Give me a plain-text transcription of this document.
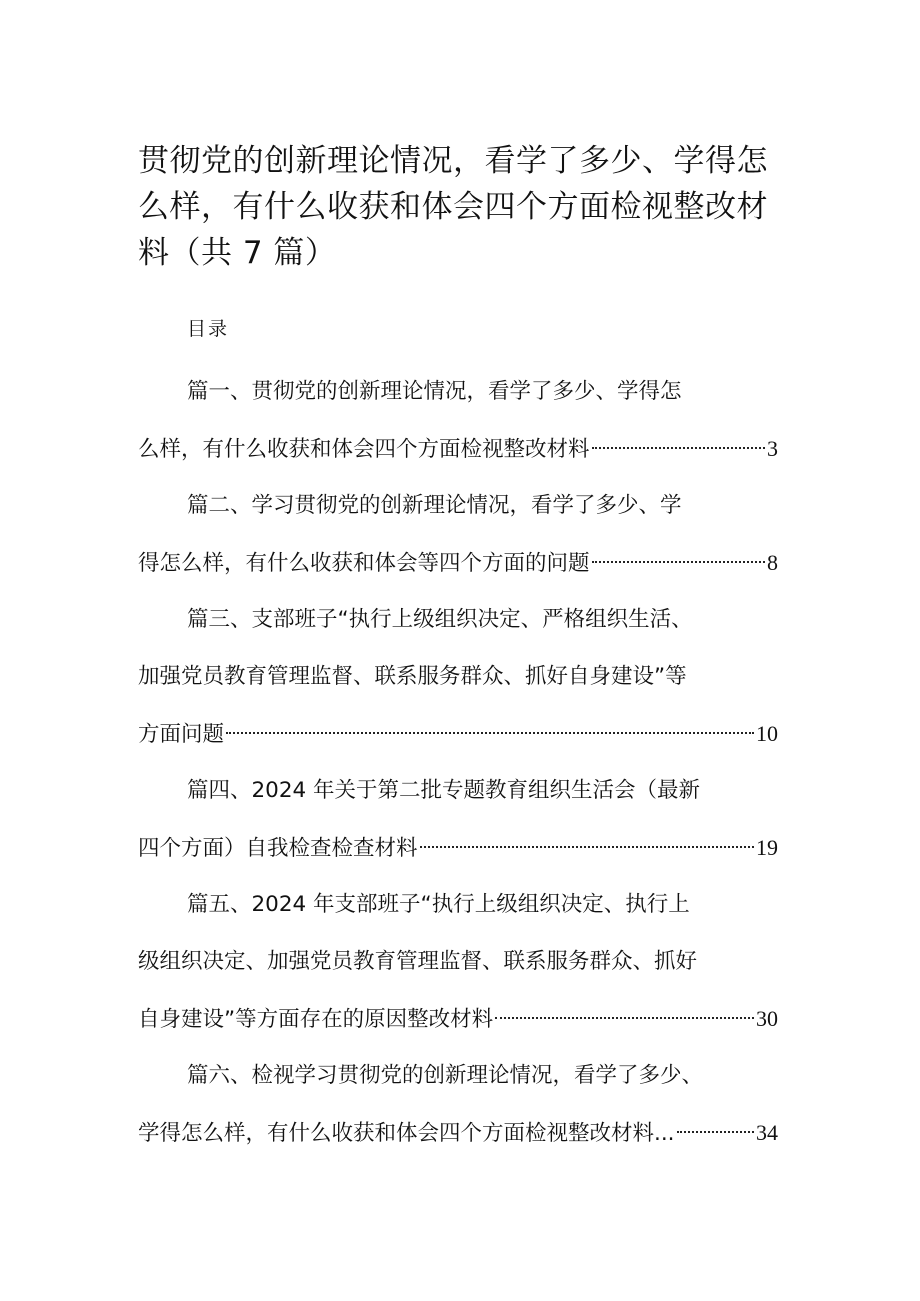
贯彻党的创新理论情况，看学了多少、学得怎
么样，有什么收获和体会四个方面检视整改材
料（共 7 篇）
目录
篇一、贯彻党的创新理论情况，看学了多少、学得怎
么样，有什么收获和体会四个方面检视整改材料	3
篇二、学习贯彻党的创新理论情况，看学了多少、学
得怎么样，有什么收获和体会等四个方面的问题	8
篇三、支部班子“执行上级组织决定、严格组织生活、
加强党员教育管理监督、联系服务群众、抓好自身建设”等
方面问题	10
篇四、2024 年关于第二批专题教育组织生活会（最新
四个方面）自我检查检查材料	19
篇五、2024 年支部班子“执行上级组织决定、执行上
级组织决定、加强党员教育管理监督、联系服务群众、抓好
自身建设”等方面存在的原因整改材料	30
篇六、检视学习贯彻党的创新理论情况，看学了多少、
学得怎么样，有什么收获和体会四个方面检视整改材料...	34
